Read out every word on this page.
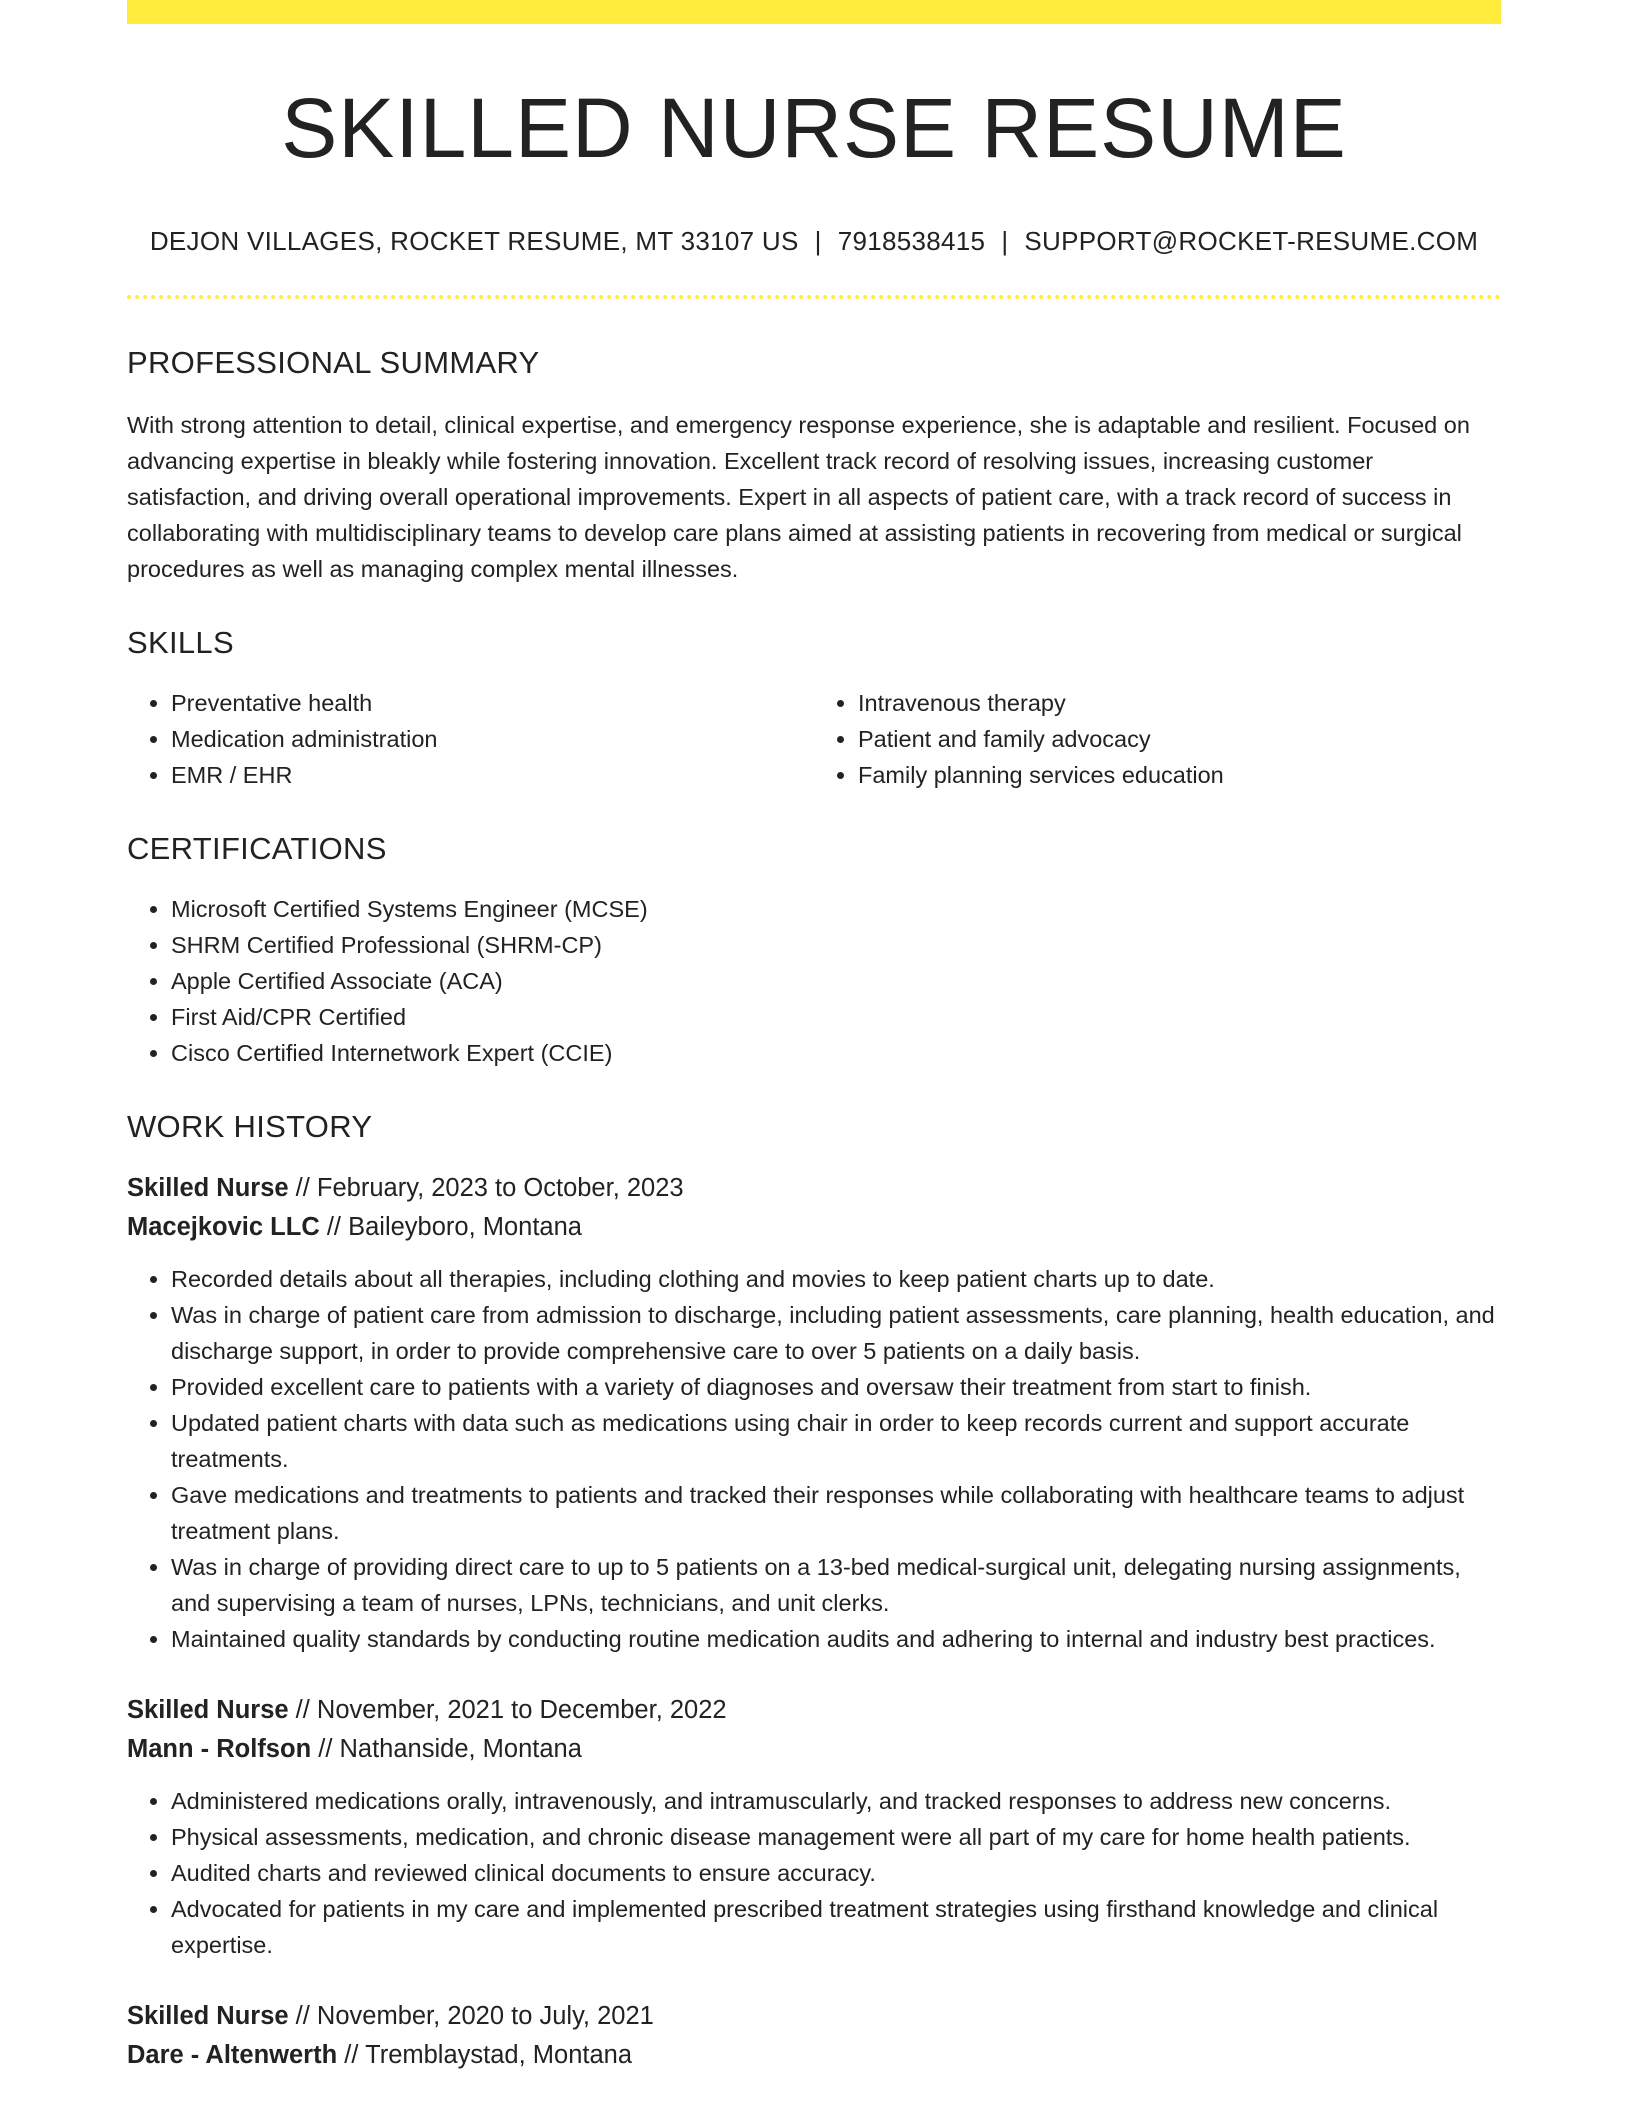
SKILLED NURSE RESUME
DEJON VILLAGES, ROCKET RESUME, MT 33107 US | 7918538415 | SUPPORT@ROCKET-RESUME.COM
PROFESSIONAL SUMMARY

With strong attention to detail, clinical expertise, and emergency response experience, she is adaptable and resilient. Focused on advancing expertise in bleakly while fostering innovation. Excellent track record of resolving issues, increasing customer satisfaction, and driving overall operational improvements. Expert in all aspects of patient care, with a track record of success in collaborating with multidisciplinary teams to develop care plans aimed at assisting patients in recovering from medical or surgical procedures as well as managing complex mental illnesses.

SKILLS
• Preventative health
• Medication administration
• EMR / EHR
• Intravenous therapy
• Patient and family advocacy
• Family planning services education
CERTIFICATIONS
• Microsoft Certified Systems Engineer (MCSE)
• SHRM Certified Professional (SHRM-CP)
• Apple Certified Associate (ACA)
• First Aid/CPR Certified
• Cisco Certified Internetwork Expert (CCIE)
WORK HISTORY
Skilled Nurse // February, 2023 to October, 2023
Macejkovic LLC // Baileyboro, Montana
• Recorded details about all therapies, including clothing and movies to keep patient charts up to date.
• Was in charge of patient care from admission to discharge, including patient assessments, care planning, health education, and discharge support, in order to provide comprehensive care to over 5 patients on a daily basis.
• Provided excellent care to patients with a variety of diagnoses and oversaw their treatment from start to finish.
• Updated patient charts with data such as medications using chair in order to keep records current and support accurate treatments.
• Gave medications and treatments to patients and tracked their responses while collaborating with healthcare teams to adjust treatment plans.
• Was in charge of providing direct care to up to 5 patients on a 13-bed medical-surgical unit, delegating nursing assignments, and supervising a team of nurses, LPNs, technicians, and unit clerks.
• Maintained quality standards by conducting routine medication audits and adhering to internal and industry best practices.
Skilled Nurse // November, 2021 to December, 2022
Mann - Rolfson // Nathanside, Montana
• Administered medications orally, intravenously, and intramuscularly, and tracked responses to address new concerns.
• Physical assessments, medication, and chronic disease management were all part of my care for home health patients.
• Audited charts and reviewed clinical documents to ensure accuracy.
• Advocated for patients in my care and implemented prescribed treatment strategies using firsthand knowledge and clinical expertise.
Skilled Nurse // November, 2020 to July, 2021
Dare - Altenwerth // Tremblaystad, Montana
